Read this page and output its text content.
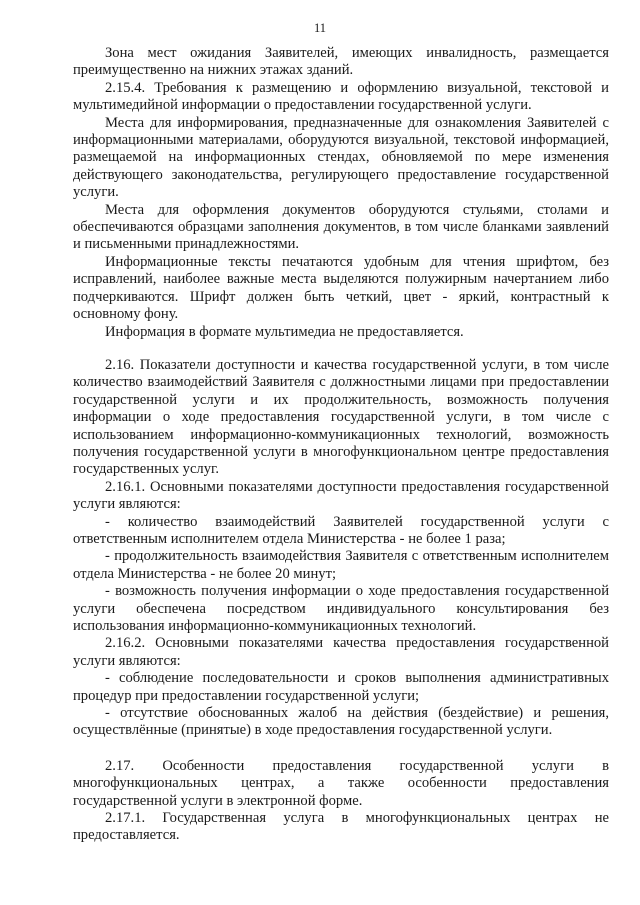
11

Зона мест ожидания Заявителей, имеющих инвалидность, размещается преимущественно на нижних этажах зданий.

2.15.4. Требования к размещению и оформлению визуальной, текстовой и мультимедийной информации о предоставлении государственной услуги.

Места для информирования, предназначенные для ознакомления Заявителей с информационными материалами, оборудуются визуальной, текстовой информацией, размещаемой на информационных стендах, обновляемой по мере изменения действующего законодательства, регулирующего предоставление государственной услуги.

Места для оформления документов оборудуются стульями, столами и обеспечиваются образцами заполнения документов, в том числе бланками заявлений и письменными принадлежностями.

Информационные тексты печатаются удобным для чтения шрифтом, без исправлений, наиболее важные места выделяются полужирным начертанием либо подчеркиваются. Шрифт должен быть четкий, цвет - яркий, контрастный к основному фону.

Информация в формате мультимедиа не предоставляется.

2.16. Показатели доступности и качества государственной услуги, в том числе количество взаимодействий Заявителя с должностными лицами при предоставлении государственной услуги и их продолжительность, возможность получения информации о ходе предоставления государственной услуги, в том числе с использованием информационно-коммуникационных технологий, возможность получения государственной услуги в многофункциональном центре предоставления государственных услуг.

2.16.1. Основными показателями доступности предоставления государственной услуги являются:

- количество взаимодействий Заявителей государственной услуги с ответственным исполнителем отдела Министерства - не более 1 раза;

- продолжительность взаимодействия Заявителя с ответственным исполнителем отдела Министерства - не более 20 минут;

- возможность получения информации о ходе предоставления государственной услуги обеспечена посредством индивидуального консультирования без использования информационно-коммуникационных технологий.

2.16.2. Основными показателями качества предоставления государственной услуги являются:

- соблюдение последовательности и сроков выполнения административных процедур при предоставлении государственной услуги;

- отсутствие обоснованных жалоб на действия (бездействие) и решения, осуществлённые (принятые) в ходе предоставления государственной услуги.

2.17. Особенности предоставления государственной услуги в многофункциональных центрах, а также особенности предоставления государственной услуги в электронной форме.

2.17.1. Государственная услуга в многофункциональных центрах не предоставляется.
